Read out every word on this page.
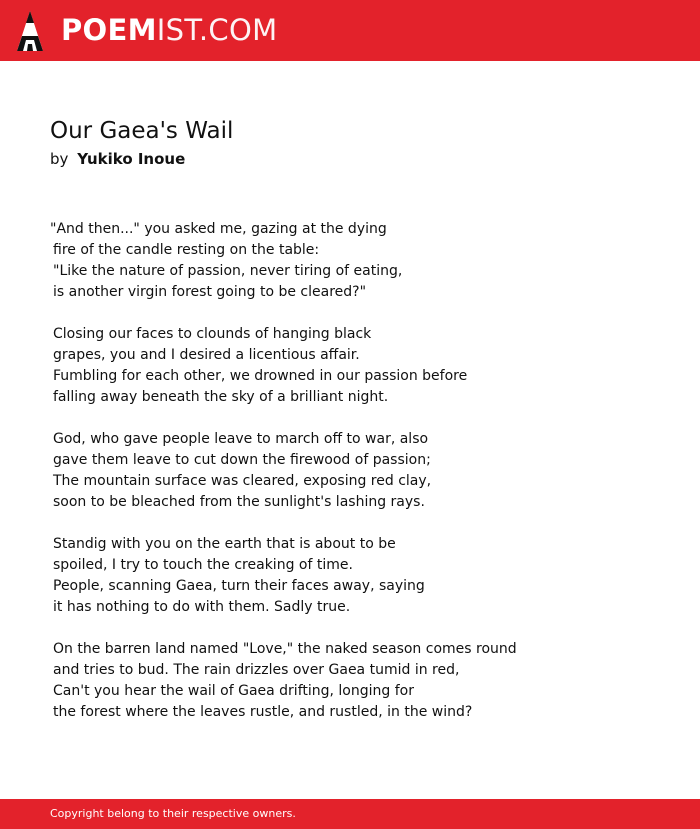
POEMIST.COM
Our Gaea's Wail
by Yukiko Inoue
"And then..." you asked me, gazing at the dying
fire of the candle resting on the table:
"Like the nature of passion, never tiring of eating,
is another virgin forest going to be cleared?"
Closing our faces to clounds of hanging black
grapes, you and I desired a licentious affair.
Fumbling for each other, we drowned in our passion before
falling away beneath the sky of a brilliant night.
God, who gave people leave to march off to war, also
gave them leave to cut down the firewood of passion;
The mountain surface was cleared, exposing red clay,
soon to be bleached from the sunlight's lashing rays.
Standig with you on the earth that is about to be
spoiled, I try to touch the creaking of time.
People, scanning Gaea, turn their faces away, saying
it has nothing to do with them. Sadly true.
On the barren land named "Love," the naked season comes round
and tries to bud. The rain drizzles over Gaea tumid in red,
Can't you hear the wail of Gaea drifting, longing for
the forest where the leaves rustle, and rustled, in the wind?
Copyright belong to their respective owners.
